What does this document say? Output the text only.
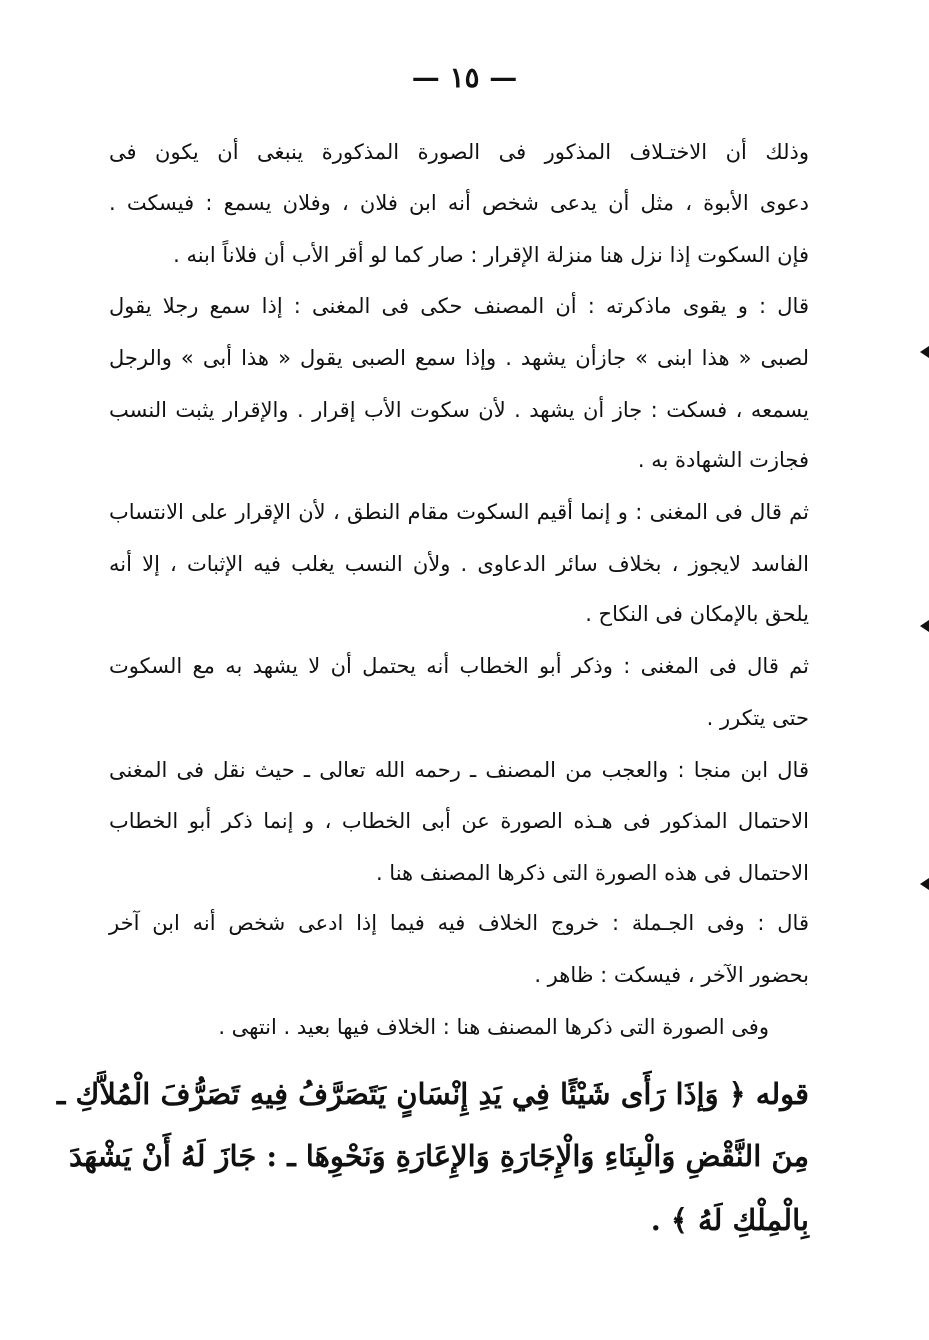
— ١٥ —
وذلك أن الاختـلاف المذكور فى الصورة المذكورة ينبغى أن يكون فى
دعوى الأبوة ، مثل أن يدعى شخص أنه ابن فلان ، وفلان يسمع : فيسكت .
فإن السكوت إذا نزل هنا منزلة الإقرار : صار كما لو أقر الأب أن فلاناً ابنه .
قال : و يقوى ماذكرته : أن المصنف حكى فى المغنى : إذا سمع رجلا يقول
لصبى « هذا ابنى » جازأن يشهد . وإذا سمع الصبى يقول « هذا أبى » والرجل
يسمعه ، فسكت : جاز أن يشهد . لأن سكوت الأب إقرار . والإقرار يثبت النسب
فجازت الشهادة به .
ثم قال فى المغنى : و إنما أقيم السكوت مقام النطق ، لأن الإقرار على الانتساب
الفاسد لايجوز ، بخلاف سائر الدعاوى . ولأن النسب يغلب فيه الإثبات ، إلا أنه
يلحق بالإمكان فى النكاح .
ثم قال فى المغنى : وذكر أبو الخطاب أنه يحتمل أن لا يشهد به مع السكوت
حتى يتكرر .
قال ابن منجا : والعجب من المصنف ـ رحمه الله تعالى ـ حيث نقل فى المغنى
الاحتمال المذكور فى هـذه الصورة عن أبى الخطاب ، و إنما ذكر أبو الخطاب
الاحتمال فى هذه الصورة التى ذكرها المصنف هنا .
قال : وفى الجـملة : خروج الخلاف فيه فيما إذا ادعى شخص أنه ابن آخر
بحضور الآخر ، فيسكت : ظاهر .
وفى الصورة التى ذكرها المصنف هنا : الخلاف فيها بعيد . انتهى .
قوله ﴿ وَإذَا رَأَى شَيْئًا فِي يَدِ إِنْسَانٍ يَتَصَرَّفُ فِيهِ تَصَرُّفَ الْمُلاَّكِ ـ
مِنَ النَّقْضِ وَالْبِنَاءِ وَالْإِجَارَةِ وَالإِعَارَةِ وَنَحْوِهَا ـ : جَازَ لَهُ أَنْ يَشْهَدَ
بِالْمِلْكِ لَهُ ﴾ .
